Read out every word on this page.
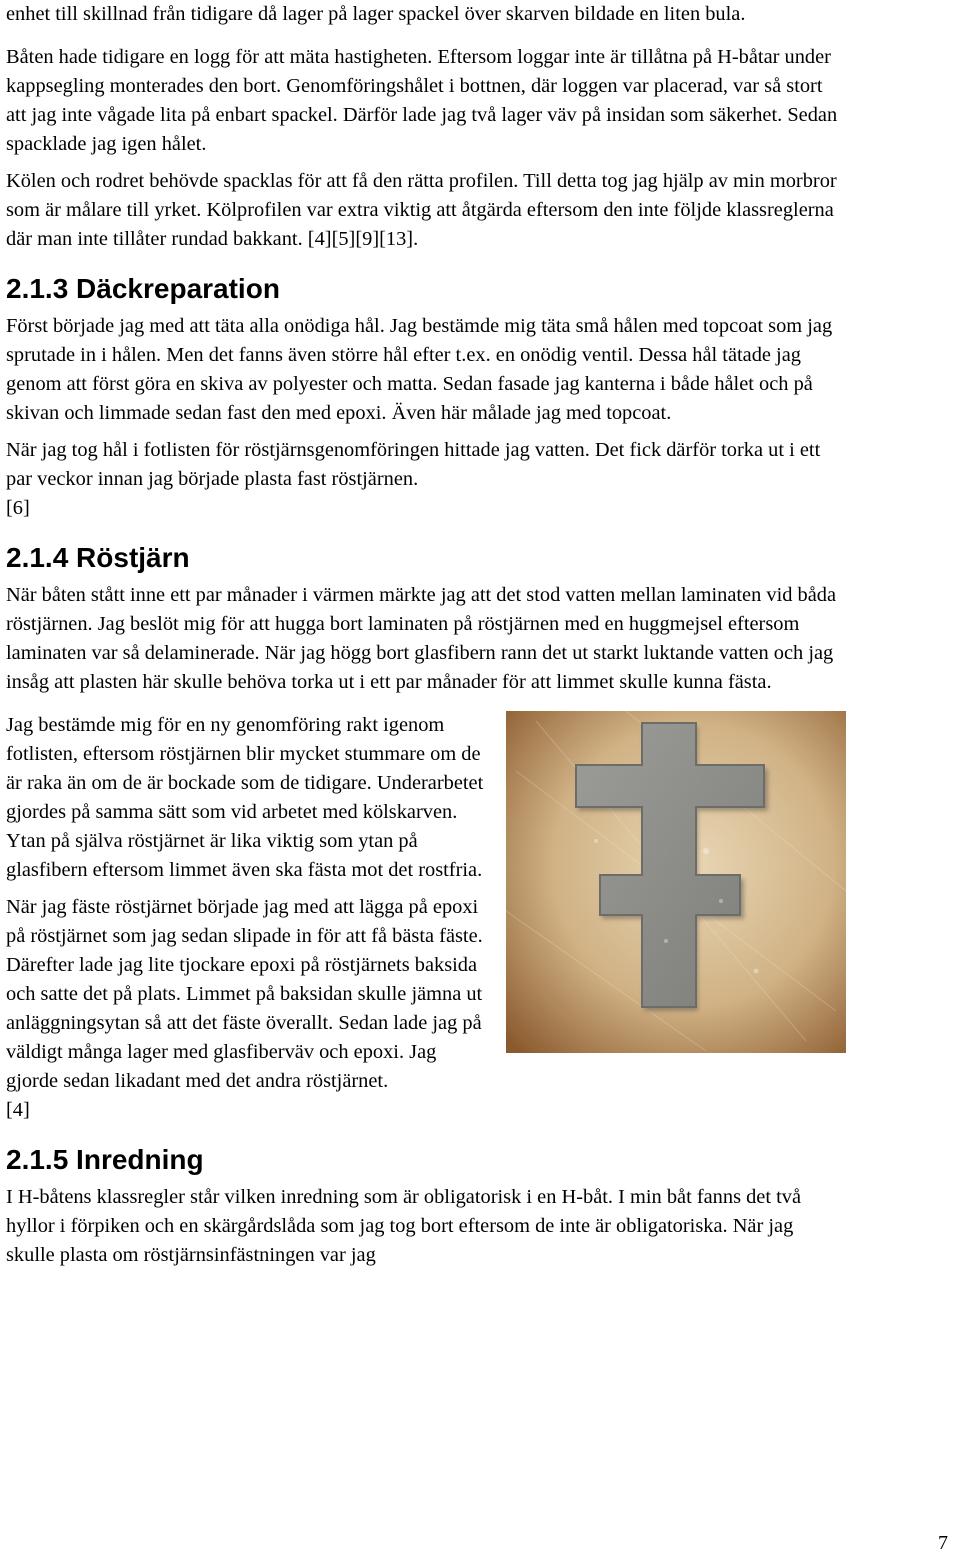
enhet till skillnad från tidigare då lager på lager spackel över skarven bildade en liten bula.

Båten hade tidigare en logg för att mäta hastigheten. Eftersom loggar inte är tillåtna på H-båtar under kappsegling monterades den bort. Genomföringshålet i bottnen, där loggen var placerad, var så stort att jag inte vågade lita på enbart spackel. Därför lade jag två lager väv på insidan som säkerhet. Sedan spacklade jag igen hålet.

Kölen och rodret behövde spacklas för att få den rätta profilen. Till detta tog jag hjälp av min morbror som är målare till yrket. Kölprofilen var extra viktig att åtgärda eftersom den inte följde klassreglerna där man inte tillåter rundad bakkant. [4][5][9][13].

2.1.3 Däckreparation

Först började jag med att täta alla onödiga hål. Jag bestämde mig täta små hålen med topcoat som jag sprutade in i hålen. Men det fanns även större hål efter t.ex. en onödig ventil. Dessa hål tätade jag genom att först göra en skiva av polyester och matta. Sedan fasade jag kanterna i både hålet och på skivan och limmade sedan fast den med epoxi. Även här målade jag med topcoat.

När jag tog hål i fotlisten för röstjärnsgenomföringen hittade jag vatten. Det fick därför torka ut i ett par veckor innan jag började plasta fast röstjärnen.

[6]

2.1.4 Röstjärn

När båten stått inne ett par månader i värmen märkte jag att det stod vatten mellan laminaten vid båda röstjärnen. Jag beslöt mig för att hugga bort laminaten på röstjärnen med en huggmejsel eftersom laminaten var så delaminerade. När jag högg bort glasfibern rann det ut starkt luktande vatten och jag insåg att plasten här skulle behöva torka ut i ett par månader för att limmet skulle kunna fästa.

Jag bestämde mig för en ny genomföring rakt igenom fotlisten, eftersom röstjärnen blir mycket stummare om de är raka än om de är bockade som de tidigare. Underarbetet gjordes på samma sätt som vid arbetet med kölskarven. Ytan på själva röstjärnet är lika viktig som ytan på glasfibern eftersom limmet även ska fästa mot det rostfria.

När jag fäste röstjärnet började jag med att lägga på epoxi på röstjärnet som jag sedan slipade in för att få bästa fäste. Därefter lade jag lite tjockare epoxi på röstjärnets baksida och satte det på plats. Limmet på baksidan skulle jämna ut anläggningsytan så att det fäste överallt. Sedan lade jag på väldigt många lager med glasfiberväv och epoxi. Jag gjorde sedan likadant med det andra röstjärnet.

[4]

2.1.5 Inredning

I H-båtens klassregler står vilken inredning som är obligatorisk i en H-båt. I min båt fanns det två hyllor i förpiken och en skärgårdslåda som jag tog bort eftersom de inte är obligatoriska. När jag skulle plasta om röstjärnsinfästningen var jag

7
